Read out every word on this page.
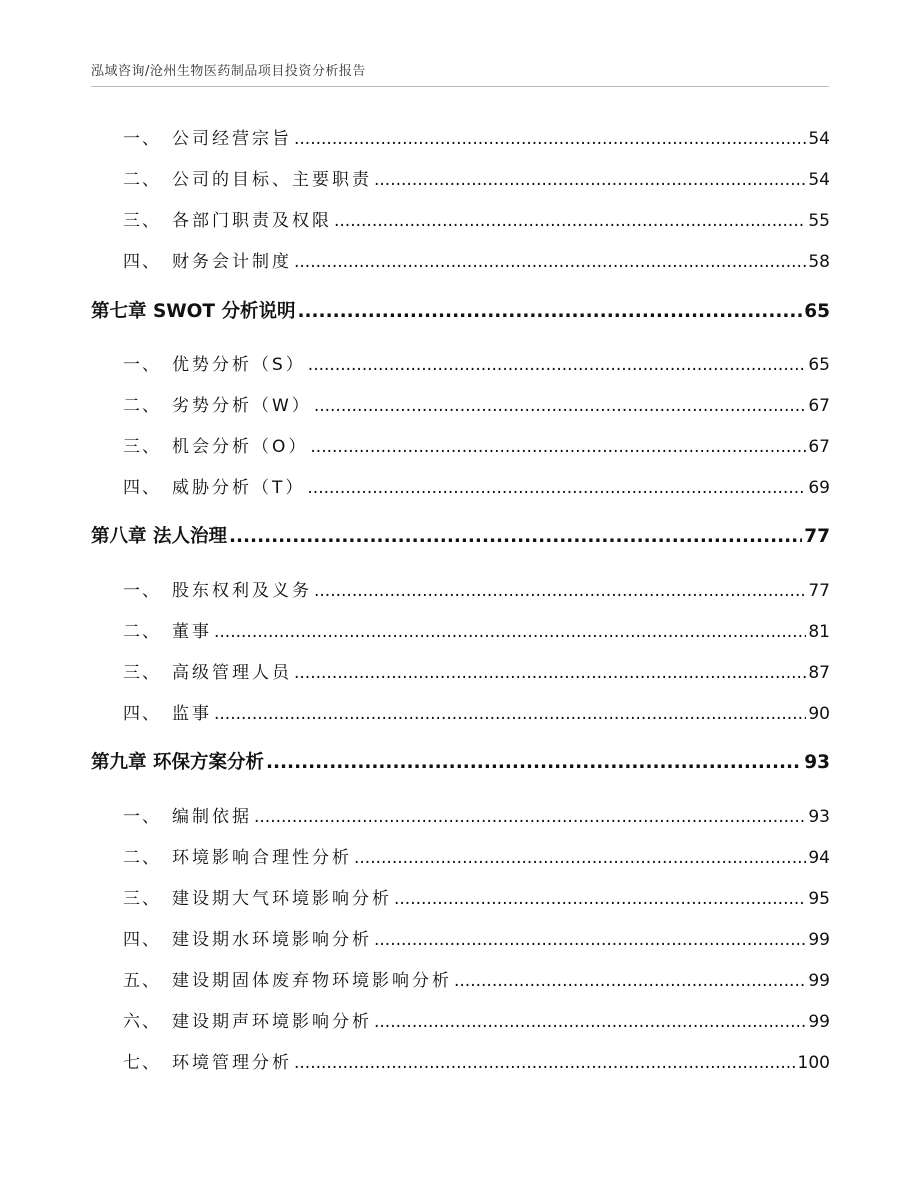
泓域咨询/沧州生物医药制品项目投资分析报告
一、 公司经营宗旨 .....	54
二、 公司的目标、主要职责 .....	54
三、 各部门职责及权限 .....	55
四、 财务会计制度 .....	58
第七章 SWOT 分析说明 .....	65
一、 优势分析（S） .....	65
二、 劣势分析（W） .....	67
三、 机会分析（O） .....	67
四、 威胁分析（T） .....	69
第八章 法人治理 .....	77
一、 股东权利及义务 .....	77
二、 董事 .....	81
三、 高级管理人员 .....	87
四、 监事 .....	90
第九章 环保方案分析 .....	93
一、 编制依据 .....	93
二、 环境影响合理性分析 .....	94
三、 建设期大气环境影响分析 .....	95
四、 建设期水环境影响分析 .....	99
五、 建设期固体废弃物环境影响分析 .....	99
六、 建设期声环境影响分析 .....	99
七、 环境管理分析 .....	100
